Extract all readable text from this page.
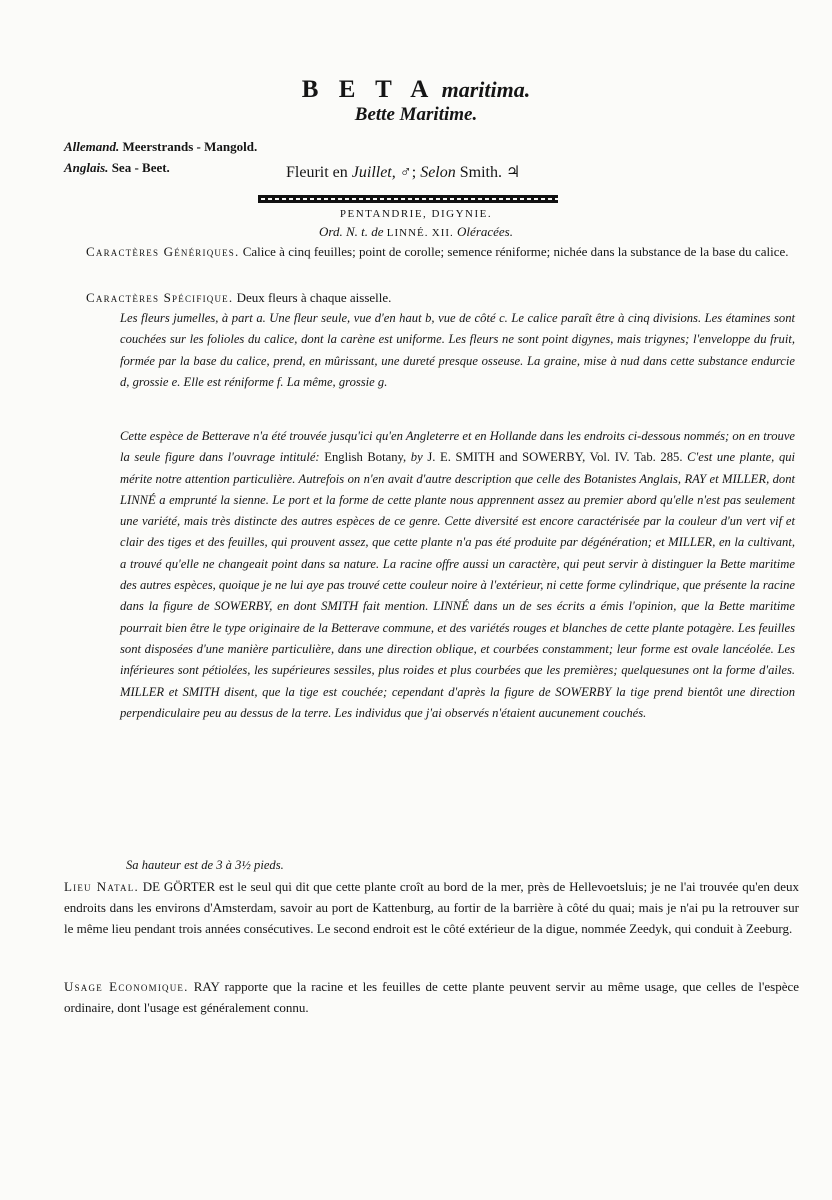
B E T A maritima.
Bette Maritime.
Allemand. Meerstrands - Mangold.
Anglais. Sea - Beet.	Fleurit en Juillet, ♂; Selon Smith. ♃
PENTANDRIE, DIGYNIE.
Ord. N. t. de LINNÉ. XII. Oléracées.
Caractères Génériques. Calice à cinq feuilles; point de corolle; semence réniforme; nichée dans la substance de la base du calice.
Caractères Spécifique. Deux fleurs à chaque aisselle.
Les fleurs jumelles, à part a. Une fleur seule, vue d'en haut b, vue de côté c. Le calice paraît être à cinq divisions. Les étamines sont couchées sur les folioles du calice, dont la carène est uniforme. Les fleurs ne sont point digynes, mais trigynes; l'enveloppe du fruit, formée par la base du calice, prend, en mûrissant, une dureté presque osseuse. La graine, mise à nud dans cette substance endurcie d, grossie e. Elle est réniforme f. La même, grossie g.
Cette espèce de Betterave n'a été trouvée jusqu'ici qu'en Angleterre et en Hollande dans les endroits ci-dessous nommés; on en trouve la seule figure dans l'ouvrage intitulé: English Botany, by J. E. SMITH and SOWERBY, Vol. IV. Tab. 285. C'est une plante, qui mérite notre attention particulière. Autrefois on n'en avait d'autre description que celle des Botanistes Anglais, RAY et MILLER, dont LINNÉ a emprunté la sienne. Le port et la forme de cette plante nous apprennent assez au premier abord qu'elle n'est pas seulement une variété, mais très distincte des autres espèces de ce genre. Cette diversité est encore caractérisée par la couleur d'un vert vif et clair des tiges et des feuilles, qui prouvent assez, que cette plante n'a pas été produite par dégénération; et MILLER, en la cultivant, a trouvé qu'elle ne changeait point dans sa nature. La racine offre aussi un caractère, qui peut servir à distinguer la Bette maritime des autres espèces, quoique je ne lui aye pas trouvé cette couleur noire à l'extérieur, ni cette forme cylindrique, que présente la racine dans la figure de SOWERBY, en dont SMITH fait mention. LINNÉ dans un de ses écrits a émis l'opinion, que la Bette maritime pourrait bien être le type originaire de la Betterave commune, et des variétés rouges et blanches de cette plante potagère. Les feuilles sont disposées d'une manière particulière, dans une direction oblique, et courbées constamment; leur forme est ovale lancéolée. Les inférieures sont pétiolées, les supérieures sessiles, plus roides et plus courbées que les premières; quelquesunes ont la forme d'ailes. MILLER et SMITH disent, que la tige est couchée; cependant d'après la figure de SOWERBY la tige prend bientôt une direction perpendiculaire peu au dessus de la terre. Les individus que j'ai observés n'étaient aucunement couchés.
Sa hauteur est de 3 à 3½ pieds.
Lieu Natal. DE GÖRTER est le seul qui dit que cette plante croît au bord de la mer, près de Hellevoetsluis; je ne l'ai trouvée qu'en deux endroits dans les environs d'Amsterdam, savoir au port de Kattenburg, au fortir de la barrière à côté du quai; mais je n'ai pu la retrouver sur le même lieu pendant trois années consécutives. Le second endroit est le côté extérieur de la digue, nommée Zeedyk, qui conduit à Zeeburg.
Usage Economique. RAY rapporte que la racine et les feuilles de cette plante peuvent servir au même usage, que celles de l'espèce ordinaire, dont l'usage est généralement connu.
